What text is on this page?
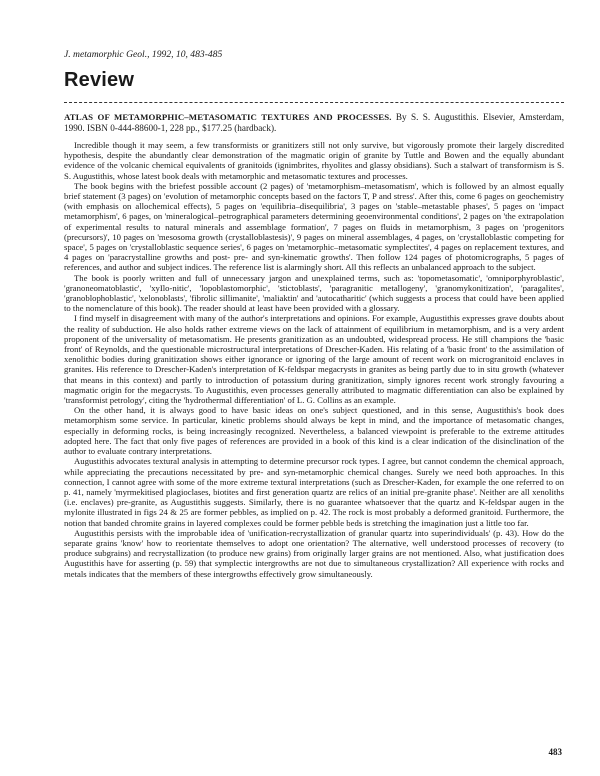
J. metamorphic Geol., 1992, 10, 483-485
Review
ATLAS OF METAMORPHIC–METASOMATIC TEXTURES AND PROCESSES. By S. S. Augustithis. Elsevier, Amsterdam, 1990. ISBN 0-444-88600-1, 228 pp., $177.25 (hardback).

Incredible though it may seem, a few transformists or granitizers still not only survive, but vigorously promote their largely discredited hypothesis, despite the abundantly clear demonstration of the magmatic origin of granite by Tuttle and Bowen and the equally abundant evidence of the volcanic chemical equivalents of granitoids (ignimbrites, rhyolites and glassy obsidians). Such a stalwart of transformism is S. S. Augustithis, whose latest book deals with metamorphic and metasomatic textures and processes.

The book begins with the briefest possible account (2 pages) of 'metamorphism–metasomatism', which is followed by an almost equally brief statement (3 pages) on 'evolution of metamorphic concepts based on the factors T, P and stress'. After this, come 6 pages on geochemistry (with emphasis on allochemical effects), 5 pages on 'equilibria–disequilibria', 3 pages on 'stable–metastable phases', 5 pages on 'impact metamorphism', 6 pages, on 'mineralogical–petrographical parameters determining geoenvironmental conditions', 2 pages on 'the extrapolation of experimental results to natural minerals and assemblage formation', 7 pages on fluids in metamorphism, 3 pages on 'progenitors (precursors)', 10 pages on 'mesosoma growth (crystalloblastesis)', 9 pages on mineral assemblages, 4 pages, on 'crystalloblastic competing for space', 5 pages on 'crystalloblastic sequence series', 6 pages on 'metamorphic–metasomatic symplectites', 4 pages on replacement textures, and 4 pages on 'paracrystalline growths and post- pre- and syn-kinematic growths'. Then follow 124 pages of photomicrographs, 5 pages of references, and author and subject indices. The reference list is alarmingly short. All this reflects an unbalanced approach to the subject.

The book is poorly written and full of unnecessary jargon and unexplained terms, such as: 'topometasomatic', 'omniporphyroblastic', 'granoneomatoblastic', 'xyIlo-nitic', 'lopoblastomorphic', 'stictoblasts', 'paragranitic metallogeny', 'granomykonitization', 'paragalites', 'granoblophoblastic', 'xelonoblasts', 'fibrolic sillimanite', 'maliaktin' and 'autocatharitic' (which suggests a process that could have been applied to the nomenclature of this book). The reader should at least have been provided with a glossary.

I find myself in disagreement with many of the author's interpretations and opinions. For example, Augustithis expresses grave doubts about the reality of subduction. He also holds rather extreme views on the lack of attainment of equilibrium in metamorphism, and is a very ardent proponent of the universality of metasomatism. He presents granitization as an undoubted, widespread process. He still champions the 'basic front' of Reynolds, and the questionable microstructural interpretations of Drescher-Kaden. His relating of a 'basic front' to the assimilation of xenolithic bodies during granitization shows either ignorance or ignoring of the large amount of recent work on microgranitoid enclaves in granites. His reference to Drescher-Kaden's interpretation of K-feldspar megacrysts in granites as being partly due to in situ growth (whatever that means in this context) and partly to introduction of potassium during granitization, simply ignores recent work strongly favouring a magmatic origin for the megacrysts. To Augustithis, even processes generally attributed to magmatic differentiation can also be explained by 'transformist petrology', citing the 'hydrothermal differentiation' of L. G. Collins as an example.

On the other hand, it is always good to have basic ideas on one's subject questioned, and in this sense, Augustithis's book does metamorphism some service. In particular, kinetic problems should always be kept in mind, and the importance of metasomatic changes, especially in deforming rocks, is being increasingly recognized. Nevertheless, a balanced viewpoint is preferable to the extreme attitudes adopted here. The fact that only five pages of references are provided in a book of this kind is a clear indication of the disinclination of the author to evaluate contrary interpretations.

Augustithis advocates textural analysis in attempting to determine precursor rock types. I agree, but cannot condemn the chemical approach, while appreciating the precautions necessitated by pre- and syn-metamorphic chemical changes. Surely we need both approaches. In this connection, I cannot agree with some of the more extreme textural interpretations (such as Drescher-Kaden, for example the one referred to on p. 41, namely 'myrmekitised plagioclases, biotites and first generation quartz are relics of an initial pre-granite phase'. Neither are all xenoliths (i.e. enclaves) pre-granite, as Augustithis suggests. Similarly, there is no guarantee whatsoever that the quartz and K-feldspar augen in the mylonite illustrated in figs 24 & 25 are former pebbles, as implied on p. 42. The rock is most probably a deformed granitoid. Furthermore, the notion that banded chromite grains in layered complexes could be former pebble beds is stretching the imagination just a little too far.

Augustithis persists with the improbable idea of 'unification-recrystallization of granular quartz into superindividuals' (p. 43). How do the separate grains 'know' how to reorientate themselves to adopt one orientation? The alternative, well understood processes of recovery (to produce subgrains) and recrystallization (to produce new grains) from originally larger grains are not mentioned. Also, what justification does Augustithis have for asserting (p. 59) that symplectic intergrowths are not due to simultaneous crystallization? All experience with rocks and metals indicates that the members of these intergrowths effectively grow simultaneously.

483
